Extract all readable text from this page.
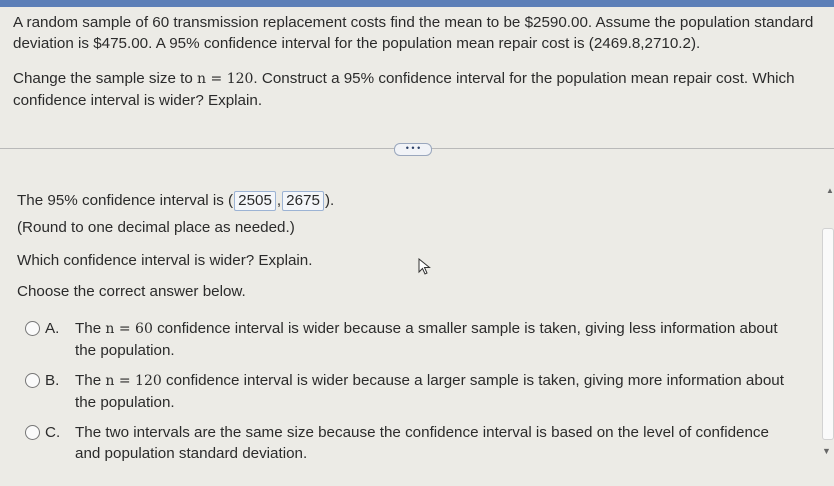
A random sample of 60 transmission replacement costs find the mean to be $2590.00. Assume the population standard deviation is $475.00. A 95% confidence interval for the population mean repair cost is (2469.8,2710.2).

Change the sample size to n = 120. Construct a 95% confidence interval for the population mean repair cost. Which confidence interval is wider? Explain.

• • •
The 95% confidence interval is ( 2505 , 2675 ).
(Round to one decimal place as needed.)
Which confidence interval is wider? Explain.
Choose the correct answer below.
A. The n = 60 confidence interval is wider because a smaller sample is taken, giving less information about the population.
B. The n = 120 confidence interval is wider because a larger sample is taken, giving more information about the population.
C. The two intervals are the same size because the confidence interval is based on the level of confidence and population standard deviation.
▲
▼
